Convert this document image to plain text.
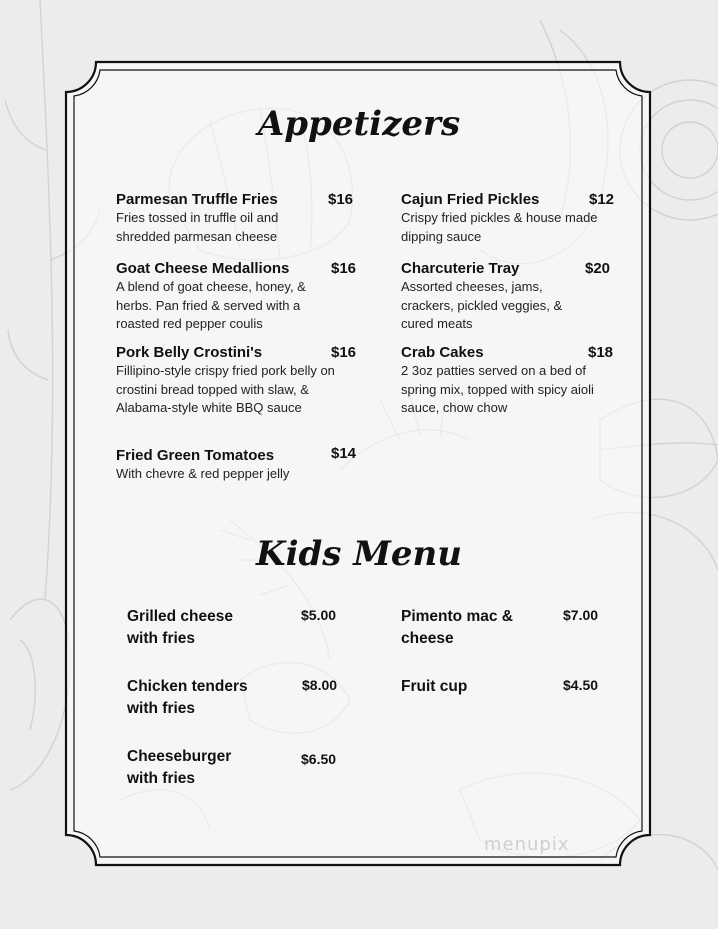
Appetizers
Parmesan Truffle Fries	$16
Fries tossed in truffle oil and shredded parmesan cheese
Goat Cheese Medallions	$16
A blend of goat cheese, honey, & herbs. Pan fried & served with a roasted red pepper coulis
Pork Belly Crostini's	$16
Fillipino-style crispy fried pork belly on crostini bread topped with slaw, & Alabama-style white BBQ sauce
Fried Green Tomatoes	$14
With chevre & red pepper jelly
Cajun Fried Pickles	$12
Crispy fried pickles & house made dipping sauce
Charcuterie Tray	$20
Assorted cheeses, jams, crackers, pickled veggies, & cured meats
Crab Cakes	$18
2 3oz patties served on a bed of spring mix, topped with spicy aioli sauce, chow chow
Kids Menu
Grilled cheese with fries
$5.00	Pimento mac & cheese
$7.00
Chicken tenders with fries
$8.00	Fruit cup	$4.50
Cheeseburger with fries
$6.50
menupix
